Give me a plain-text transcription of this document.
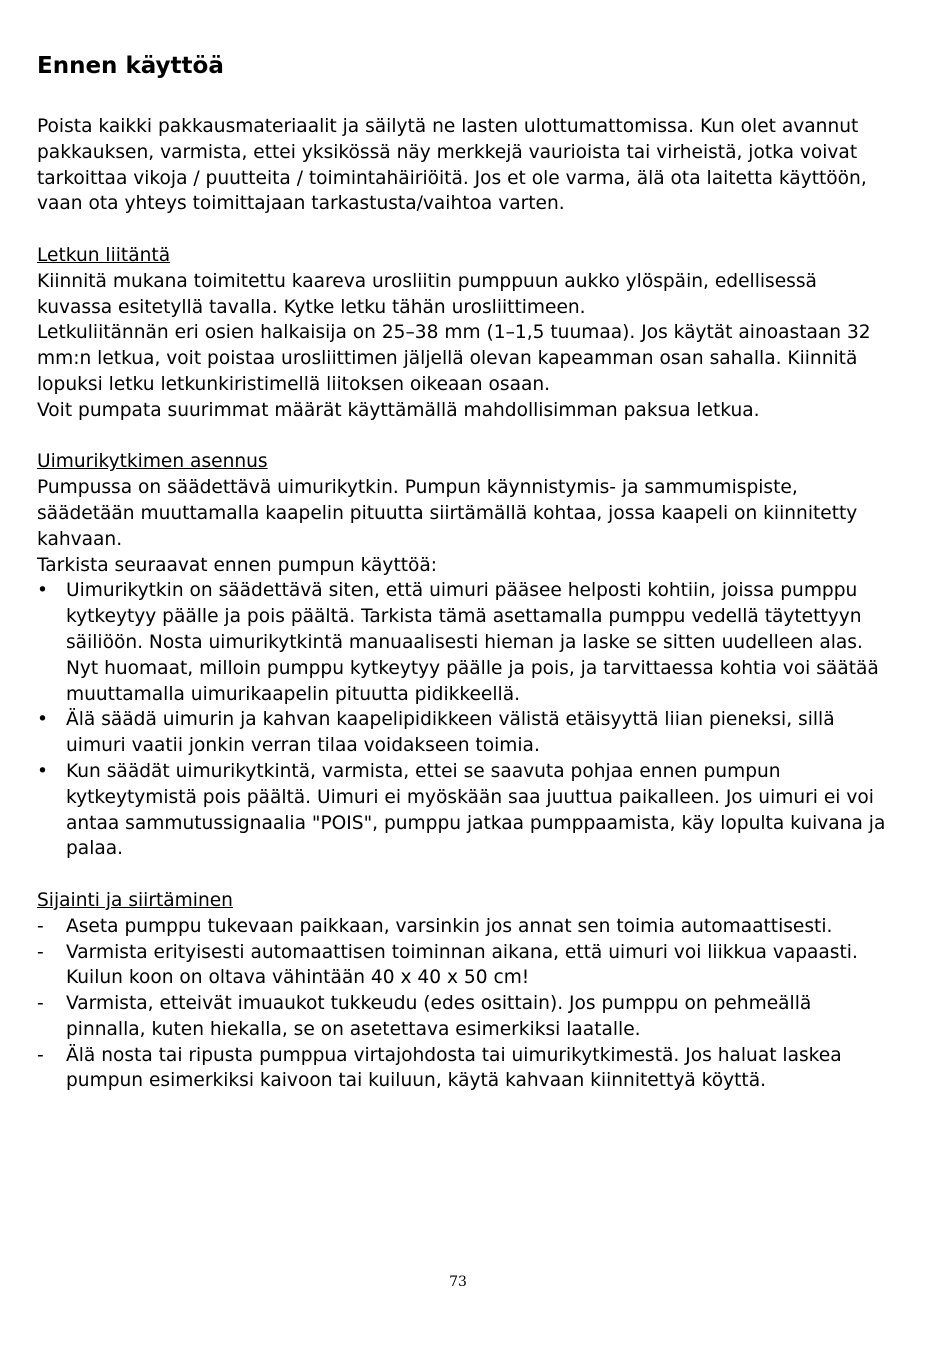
Ennen käyttöä

Poista kaikki pakkausmateriaalit ja säilytä ne lasten ulottumattomissa. Kun olet avannut pakkauksen, varmista, ettei yksikössä näy merkkejä vaurioista tai virheistä, jotka voivat tarkoittaa vikoja / puutteita / toimintahäiriöitä. Jos et ole varma, älä ota laitetta käyttöön, vaan ota yhteys toimittajaan tarkastusta/vaihtoa varten.

Letkun liitäntä

Kiinnitä mukana toimitettu kaareva urosliitin pumppuun aukko ylöspäin, edellisessä kuvassa esitetyllä tavalla. Kytke letku tähän urosliittimeen.

Letkuliitännän eri osien halkaisija on 25–38 mm (1–1,5 tuumaa). Jos käytät ainoastaan 32 mm:n letkua, voit poistaa urosliittimen jäljellä olevan kapeamman osan sahalla. Kiinnitä lopuksi letku letkunkiristimellä liitoksen oikeaan osaan.

Voit pumpata suurimmat määrät käyttämällä mahdollisimman paksua letkua.

Uimurikytkimen asennus

Pumpussa on säädettävä uimurikytkin. Pumpun käynnistymis- ja sammumispiste, säädetään muuttamalla kaapelin pituutta siirtämällä kohtaa, jossa kaapeli on kiinnitetty kahvaan.

Tarkista seuraavat ennen pumpun käyttöä:

• Uimurikytkin on säädettävä siten, että uimuri pääsee helposti kohtiin, joissa pumppu kytkeytyy päälle ja pois päältä. Tarkista tämä asettamalla pumppu vedellä täytettyyn säiliöön. Nosta uimurikytkintä manuaalisesti hieman ja laske se sitten uudelleen alas. Nyt huomaat, milloin pumppu kytkeytyy päälle ja pois, ja tarvittaessa kohtia voi säätää muuttamalla uimurikaapelin pituutta pidikkeellä.
• Älä säädä uimurin ja kahvan kaapelipidikkeen välistä etäisyyttä liian pieneksi, sillä uimuri vaatii jonkin verran tilaa voidakseen toimia.
• Kun säädät uimurikytkintä, varmista, ettei se saavuta pohjaa ennen pumpun kytkeytymistä pois päältä. Uimuri ei myöskään saa juuttua paikalleen. Jos uimuri ei voi antaa sammutussignaalia "POIS", pumppu jatkaa pumppaamista, käy lopulta kuivana ja palaa.

Sijainti ja siirtäminen

-	Aseta pumppu tukevaan paikkaan, varsinkin jos annat sen toimia automaattisesti.
-	Varmista erityisesti automaattisen toiminnan aikana, että uimuri voi liikkua vapaasti. Kuilun koon on oltava vähintään 40 x 40 x 50 cm!
-	Varmista, etteivät imuaukot tukkeudu (edes osittain). Jos pumppu on pehmeällä pinnalla, kuten hiekalla, se on asetettava esimerkiksi laatalle.
-	Älä nosta tai ripusta pumppua virtajohdosta tai uimurikytkimestä. Jos haluat laskea pumpun esimerkiksi kaivoon tai kuiluun, käytä kahvaan kiinnitettyä köyttä.
73
